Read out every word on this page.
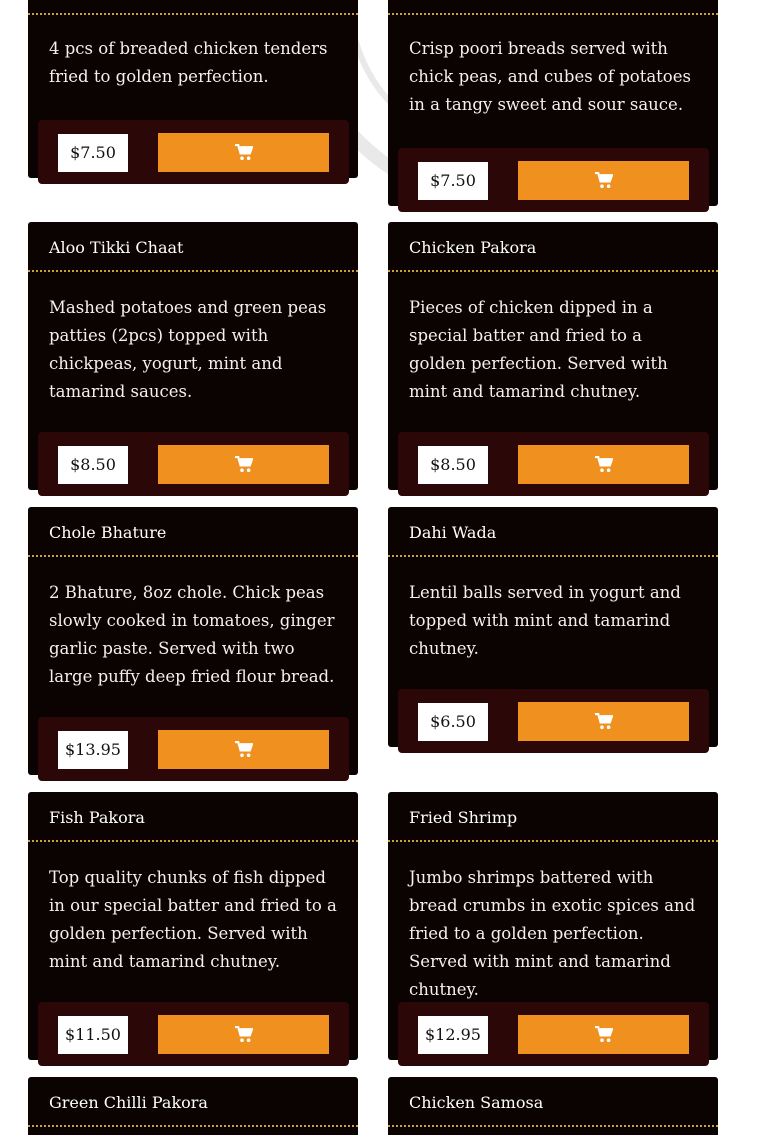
4 pcs of breaded chicken tenders fried to golden perfection.
$7.50
Crisp poori breads served with chick peas, and cubes of potatoes in a tangy sweet and sour sauce.
$7.50
Aloo Tikki Chaat
Mashed potatoes and green peas patties (2pcs) topped with chickpeas, yogurt, mint and tamarind sauces.
$8.50
Chicken Pakora
Pieces of chicken dipped in a special batter and fried to a golden perfection. Served with mint and tamarind chutney.
$8.50
Chole Bhature
2 Bhature, 8oz chole. Chick peas slowly cooked in tomatoes, ginger garlic paste. Served with two large puffy deep fried flour bread.
$13.95
Dahi Wada
Lentil balls served in yogurt and topped with mint and tamarind chutney.
$6.50
Fish Pakora
Top quality chunks of fish dipped in our special batter and fried to a golden perfection. Served with mint and tamarind chutney.
$11.50
Fried Shrimp
Jumbo shrimps battered with bread crumbs in exotic spices and fried to a golden perfection. Served with mint and tamarind chutney.
$12.95
Green Chilli Pakora	Chicken Samosa
